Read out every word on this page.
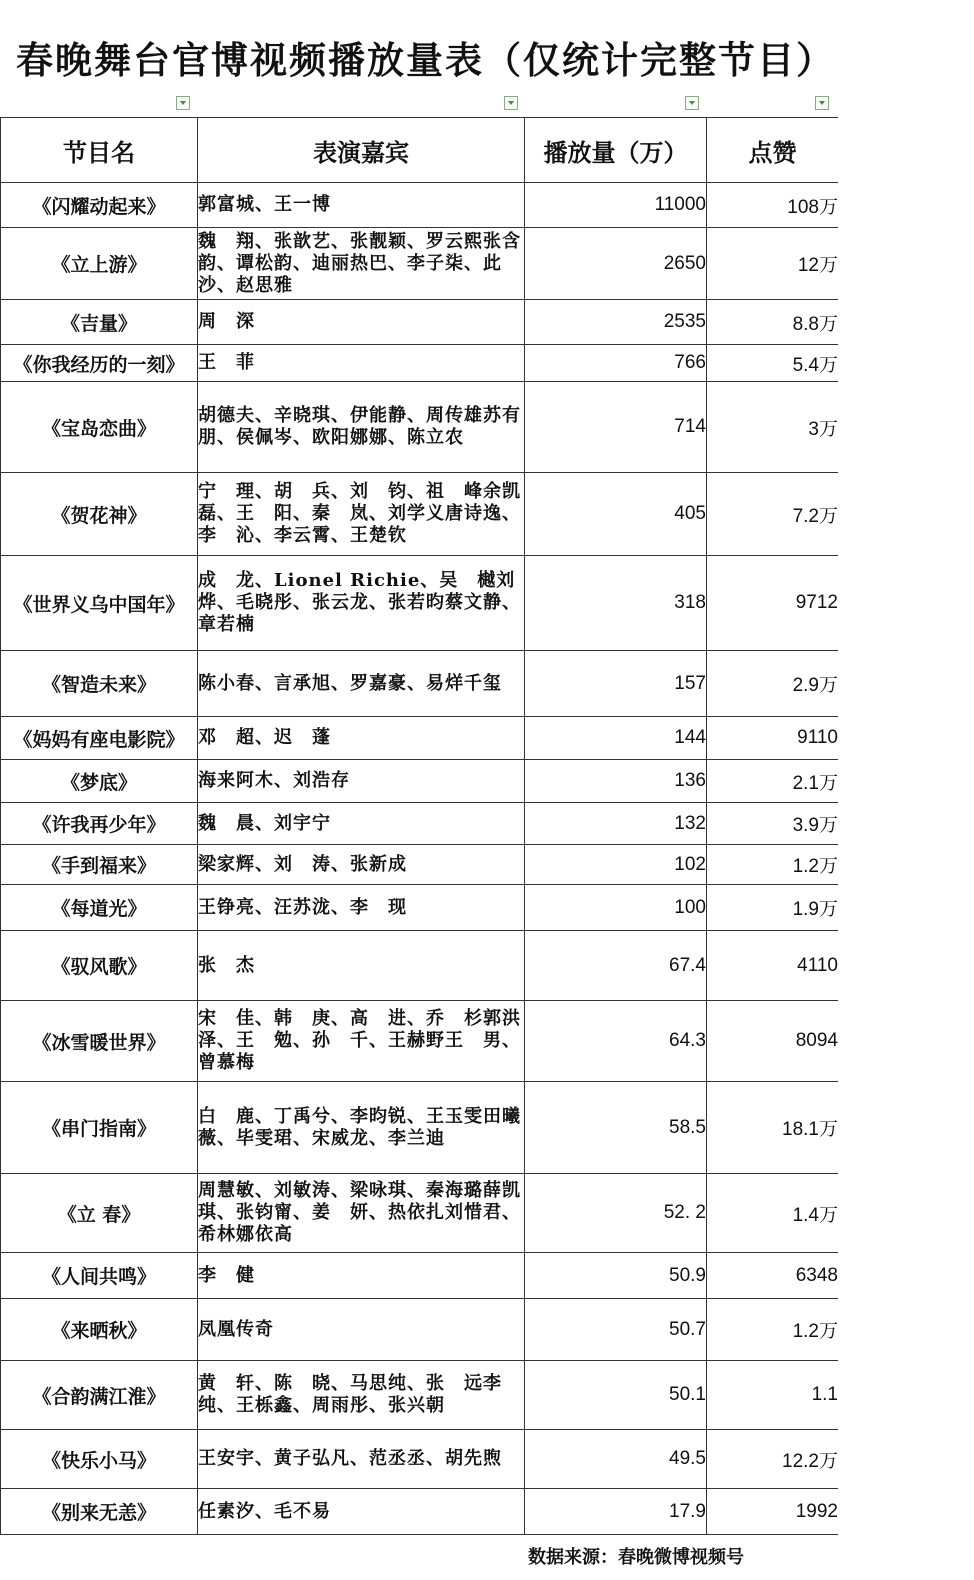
春晚舞台官博视频播放量表（仅统计完整节目）
节目名	表演嘉宾	播放量（万）	点赞
《闪耀动起来》	郭富城、王一博	11000	108万
《立上游》	魏　翔、张歆艺、张靓颖、罗云熙张含韵、谭松韵、迪丽热巴、李子柒、此　沙、赵思雅	2650	12万
《吉量》	周　深	2535	8.8万
《你我经历的一刻》	王　菲	766	5.4万
《宝岛恋曲》	胡德夫、辛晓琪、伊能静、周传雄苏有朋、侯佩岑、欧阳娜娜、陈立农	714	3万
《贺花神》	宁　理、胡　兵、刘　钧、祖　峰余凯磊、王　阳、秦　岚、刘学义唐诗逸、李　沁、李云霄、王楚钦	405	7.2万
《世界义乌中国年》	成　龙、Lionel Richie、吴　樾刘　烨、毛晓彤、张云龙、张若昀蔡文静、章若楠	318	9712
《智造未来》	陈小春、言承旭、罗嘉豪、易烊千玺	157	2.9万
《妈妈有座电影院》	邓　超、迟　蓬	144	9110
《梦底》	海来阿木、刘浩存	136	2.1万
《许我再少年》	魏　晨、刘宇宁	132	3.9万
《手到福来》	梁家辉、刘　涛、张新成	102	1.2万
《每道光》	王铮亮、汪苏泷、李　现	100	1.9万
《驭风歌》	张　杰	67.4	4110
《冰雪暖世界》	宋　佳、韩　庚、高　进、乔　杉郭洪泽、王　勉、孙　千、王赫野王　男、曾慕梅	64.3	8094
《串门指南》	白　鹿、丁禹兮、李昀锐、王玉雯田曦薇、毕雯珺、宋威龙、李兰迪	58.5	18.1万
《立 春》	周慧敏、刘敏涛、梁咏琪、秦海璐薛凯琪、张钧甯、姜　妍、热依扎刘惜君、希林娜依高	52. 2	1.4万
《人间共鸣》	李　健	50.9	6348
《来晒秋》	凤凰传奇	50.7	1.2万
《合韵满江淮》	黄　轩、陈　晓、马思纯、张　远李　纯、王栎鑫、周雨彤、张兴朝	50.1	1.1
《快乐小马》	王安宇、黄子弘凡、范丞丞、胡先煦	49.5	12.2万
《别来无恙》	任素汐、毛不易	17.9	1992
数据来源：春晚微博视频号
